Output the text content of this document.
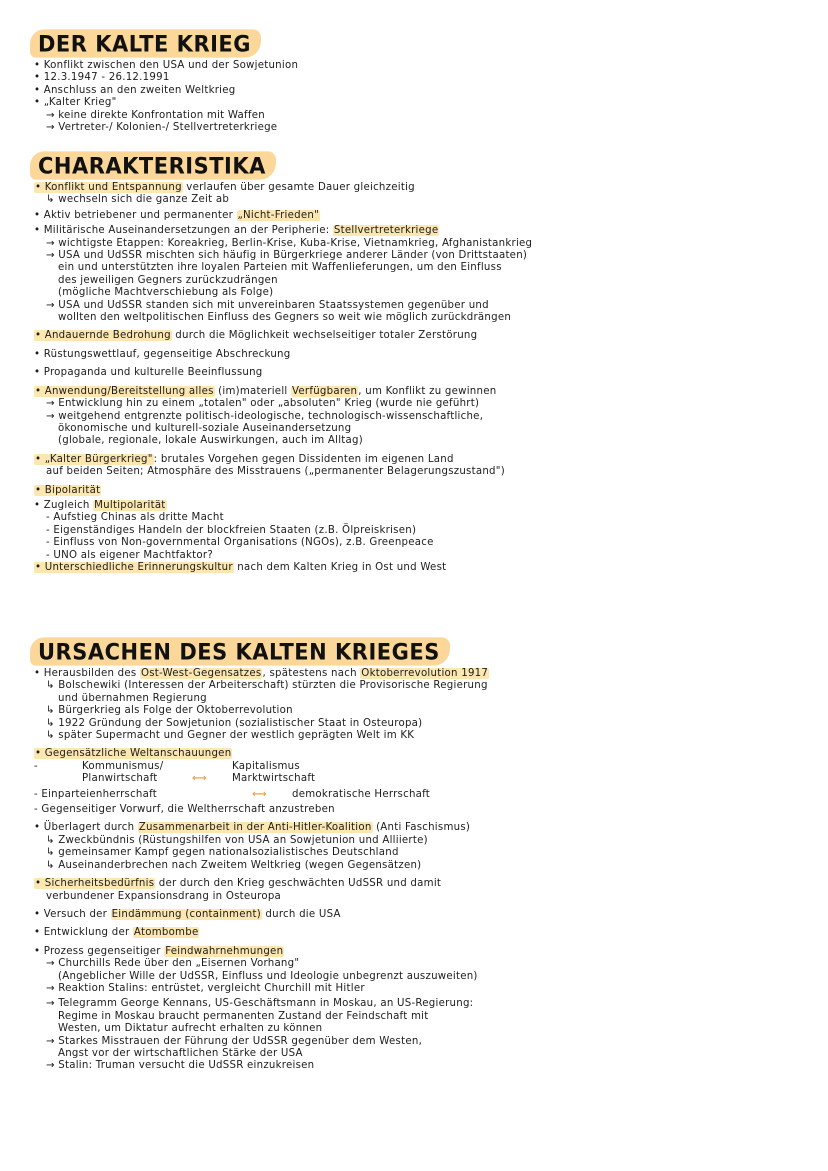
DER KALTE KRIEG
• Konflikt zwischen den USA und der Sowjetunion
• 12.3.1947 - 26.12.1991
• Anschluss an den zweiten Weltkrieg
• „Kalter Krieg"
→ keine direkte Konfrontation mit Waffen
→ Vertreter-/ Kolonien-/ Stellvertreterkriege
CHARAKTERISTIKA
• Konflikt und Entspannung verlaufen über gesamte Dauer gleichzeitig
↳ wechseln sich die ganze Zeit ab
• Aktiv betriebener und permanenter „Nicht-Frieden"
• Militärische Auseinandersetzungen an der Peripherie: Stellvertreterkriege
→ wichtigste Etappen: Koreakrieg, Berlin-Krise, Kuba-Krise, Vietnamkrieg, Afghanistankrieg
→ USA und UdSSR mischten sich häufig in Bürgerkriege anderer Länder (von Drittstaaten)
ein und unterstützten ihre loyalen Parteien mit Waffenlieferungen, um den Einfluss
des jeweiligen Gegners zurückzudrängen
(mögliche Machtverschiebung als Folge)
→ USA und UdSSR standen sich mit unvereinbaren Staatssystemen gegenüber und
wollten den weltpolitischen Einfluss des Gegners so weit wie möglich zurückdrängen
• Andauernde Bedrohung durch die Möglichkeit wechselseitiger totaler Zerstörung
• Rüstungswettlauf, gegenseitige Abschreckung
• Propaganda und kulturelle Beeinflussung
• Anwendung/Bereitstellung alles (im)materiell Verfügbaren, um Konflikt zu gewinnen
→ Entwicklung hin zu einem „totalen" oder „absoluten" Krieg (wurde nie geführt)
→ weitgehend entgrenzte politisch-ideologische, technologisch-wissenschaftliche,
ökonomische und kulturell-soziale Auseinandersetzung
(globale, regionale, lokale Auswirkungen, auch im Alltag)
• „Kalter Bürgerkrieg": brutales Vorgehen gegen Dissidenten im eigenen Land
auf beiden Seiten; Atmosphäre des Misstrauens („permanenter Belagerungszustand")
• Bipolarität
• Zugleich Multipolarität
- Aufstieg Chinas als dritte Macht
- Eigenständiges Handeln der blockfreien Staaten (z.B. Ölpreiskrisen)
- Einfluss von Non-governmental Organisations (NGOs), z.B. Greenpeace
- UNO als eigener Machtfaktor?
• Unterschiedliche Erinnerungskultur nach dem Kalten Krieg in Ost und West
URSACHEN DES KALTEN KRIEGES
• Herausbilden des Ost-West-Gegensatzes, spätestens nach Oktoberrevolution 1917
↳ Bolschewiki (Interessen der Arbeiterschaft) stürzten die Provisorische Regierung
und übernahmen Regierung
↳ Bürgerkrieg als Folge der Oktoberrevolution
↳ 1922 Gründung der Sowjetunion (sozialistischer Staat in Osteuropa)
↳ später Supermacht und Gegner der westlich geprägten Welt im KK
• Gegensätzliche Weltanschauungen
-	Kommunismus/	Kapitalismus
Planwirtschaft	⟷ Marktwirtschaft
- Einparteienherrschaft	⟷ demokratische Herrschaft
- Gegenseitiger Vorwurf, die Weltherrschaft anzustreben
• Überlagert durch Zusammenarbeit in der Anti-Hitler-Koalition (Anti Faschismus)
↳ Zweckbündnis (Rüstungshilfen von USA an Sowjetunion und Alliierte)
↳ gemeinsamer Kampf gegen nationalsozialistisches Deutschland
↳ Auseinanderbrechen nach Zweitem Weltkrieg (wegen Gegensätzen)
• Sicherheitsbedürfnis der durch den Krieg geschwächten UdSSR und damit
verbundener Expansionsdrang in Osteuropa
• Versuch der Eindämmung (containment) durch die USA
• Entwicklung der Atombombe
• Prozess gegenseitiger Feindwahrnehmungen
→ Churchills Rede über den „Eisernen Vorhang"
(Angeblicher Wille der UdSSR, Einfluss und Ideologie unbegrenzt auszuweiten)
→ Reaktion Stalins: entrüstet, vergleicht Churchill mit Hitler
→ Telegramm George Kennans, US-Geschäftsmann in Moskau, an US-Regierung:
Regime in Moskau braucht permanenten Zustand der Feindschaft mit
Westen, um Diktatur aufrecht erhalten zu können
→ Starkes Misstrauen der Führung der UdSSR gegenüber dem Westen,
Angst vor der wirtschaftlichen Stärke der USA
→ Stalin: Truman versucht die UdSSR einzukreisen
